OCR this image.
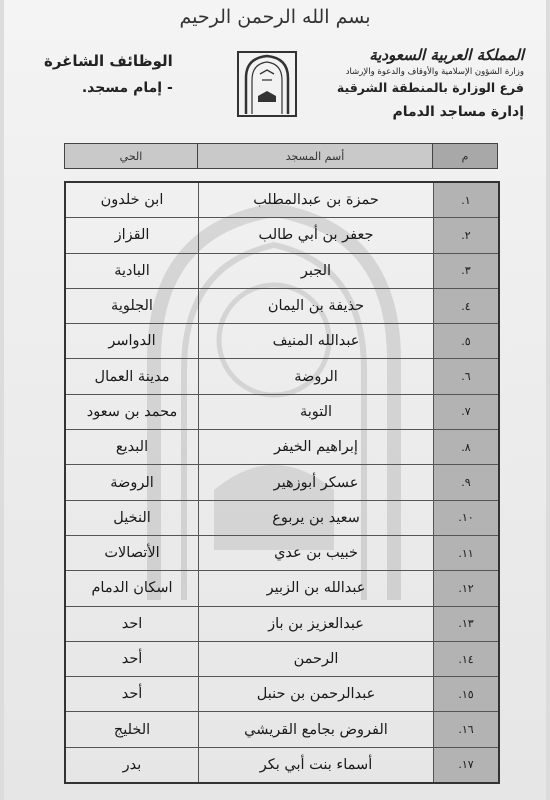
بسم الله الرحمن الرحيم
المملكة العربية السعودية
وزارة الشؤون الإسلامية والأوقاف والدعوة والإرشاد
فرع الوزارة بالمنطقة الشرقية
إدارة مساجد الدمام
الوظائف الشاغرة
- إمام مسجد.
م
أسم المسجد
الحي
١.
حمزة بن عبدالمطلب
ابن خلدون
٢.
جعفر بن أبي طالب
القزاز
٣.
الجبر
البادية
٤.
حذيفة بن اليمان
الجلوية
٥.
عبدالله المنيف
الدواسر
٦.
الروضة
مدينة العمال
٧.
التوبة
محمد بن سعود
٨.
إبراهيم الخيفر
البديع
٩.
عسكر أبوزهير
الروضة
١٠.
سعيد بن يربوع
النخيل
١١.
خبيب بن عدي
الأتصالات
١٢.
عبدالله بن الزبير
اسكان الدمام
١٣.
عبدالعزيز بن باز
احد
١٤.
الرحمن
أحد
١٥.
عبدالرحمن بن حنبل
أحد
١٦.
الفروض بجامع القريشي
الخليج
١٧.
أسماء بنت أبي بكر
بدر
